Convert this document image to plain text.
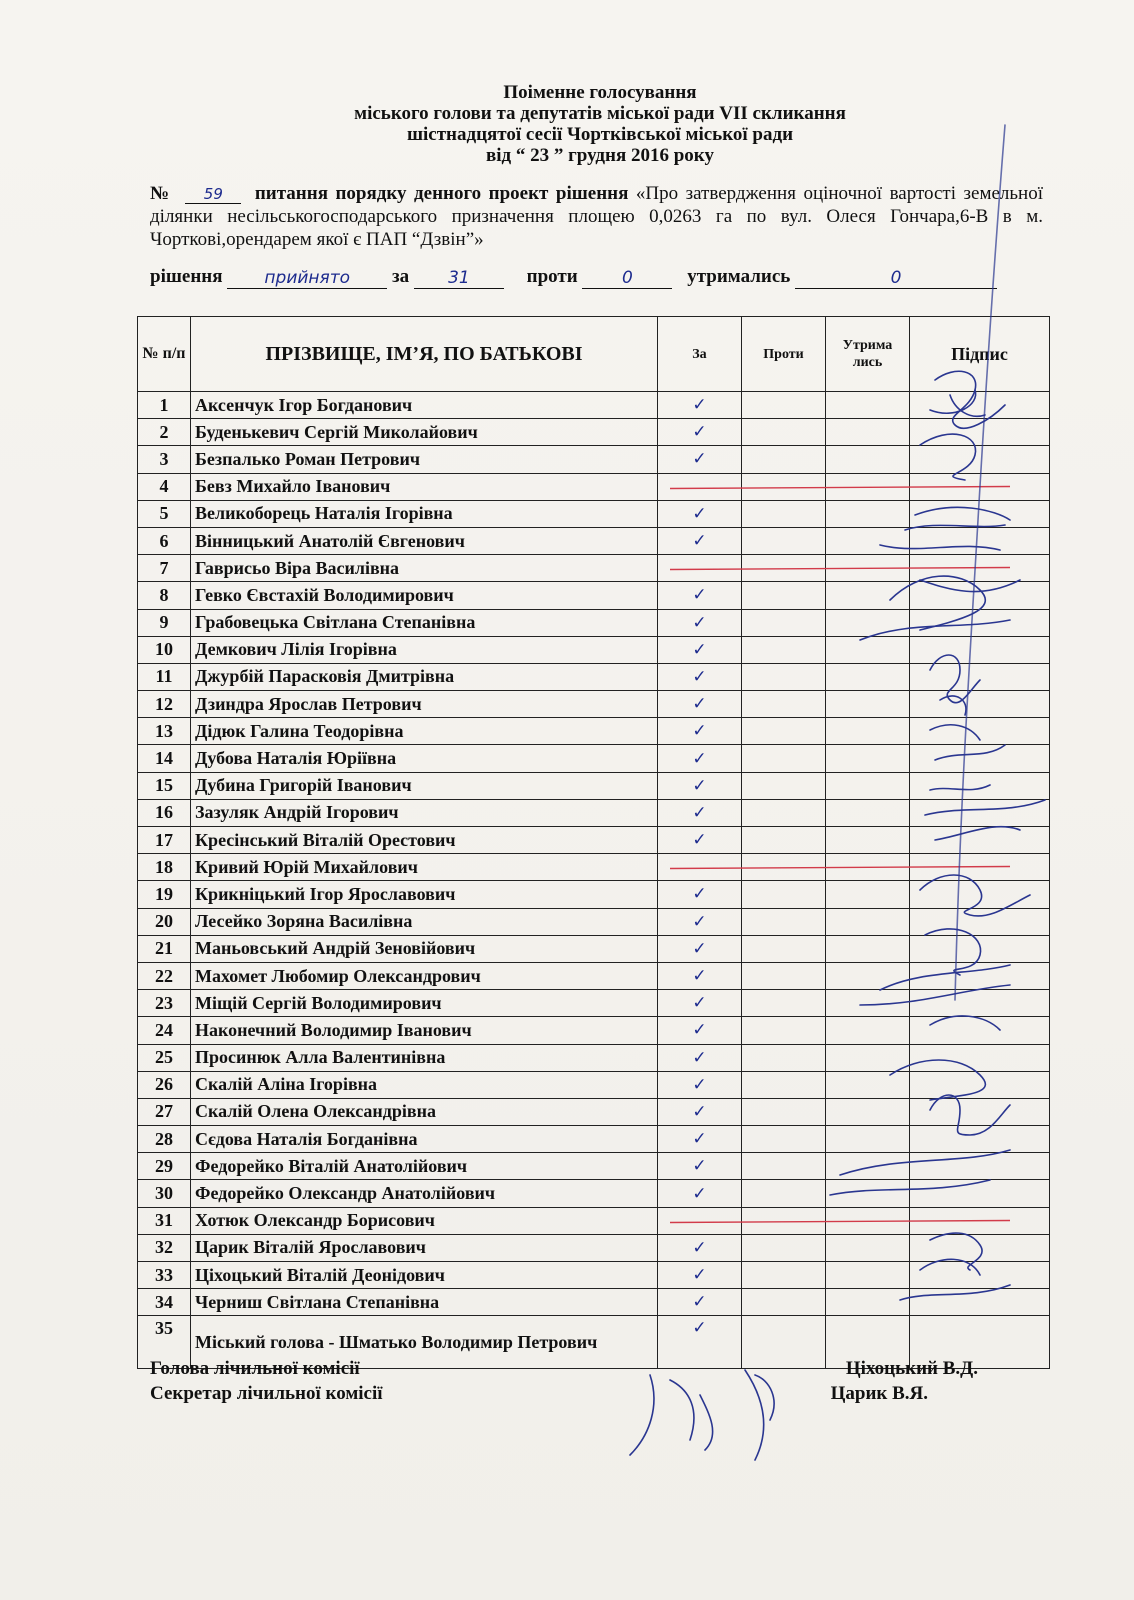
Поіменне голосування
міського голови та депутатів міської ради VII скликання
шістнадцятої сесії Чортківської міської ради
від “ 23 ” грудня 2016 року
№ 59 питання порядку денного проект рішення «Про затвердження оціночної вартості земельної ділянки несільськогосподарського призначення площею 0,0263 га по вул. Олеся Гончара,6-В в м. Чорткові,орендарем якої є ПАП “Дзвін”»
рішення прийнято за 31	проти	0	утримались	0
№ п/п	ПРІЗВИЩЕ, ІМ’Я, ПО БАТЬКОВІ	За	Проти	Утрима лись	Підпис
1	Аксенчук Ігор Богданович	✓			
2	Буденькевич Сергій Миколайович	✓			
3	Безпалько Роман Петрович	✓			
4	Бевз Михайло Іванович				
5	Великоборець Наталія Ігорівна	✓			
6	Вінницький Анатолій Євгенович	✓			
7	Гаврисьо Віра Василівна				
8	Гевко Євстахій Володимирович	✓			
9	Грабовецька Світлана Степанівна	✓			
10	Демкович Лілія Ігорівна	✓			
11	Джурбій Парасковія Дмитрівна	✓			
12	Дзиндра Ярослав Петрович	✓			
13	Дідюк Галина Теодорівна	✓			
14	Дубова Наталія Юріївна	✓			
15	Дубина Григорій Іванович	✓			
16	Зазуляк Андрій Ігорович	✓			
17	Кресінський Віталій Орестович	✓			
18	Кривий Юрій Михайлович				
19	Крикніцький Ігор Ярославович	✓			
20	Лесейко Зоряна Василівна	✓			
21	Маньовський Андрій Зеновійович	✓			
22	Махомет Любомир Олександрович	✓			
23	Міщій Сергій Володимирович	✓			
24	Наконечний Володимир Іванович	✓			
25	Просинюк Алла Валентинівна	✓			
26	Скалій Аліна Ігорівна	✓			
27	Скалій Олена Олександрівна	✓			
28	Сєдова Наталія Богданівна	✓			
29	Федорейко Віталій Анатолійович	✓			
30	Федорейко Олександр Анатолійович	✓			
31	Хотюк Олександр Борисович				
32	Царик Віталій Ярославович	✓			
33	Ціхоцький Віталій Деонідович	✓			
34	Черниш Світлана Степанівна	✓			
35	Міський голова - Шматько Володимир Петрович	✓			
Голова лічильної комісії	Ціхоцький В.Д.
Секретар лічильної комісії	Царик В.Я.
